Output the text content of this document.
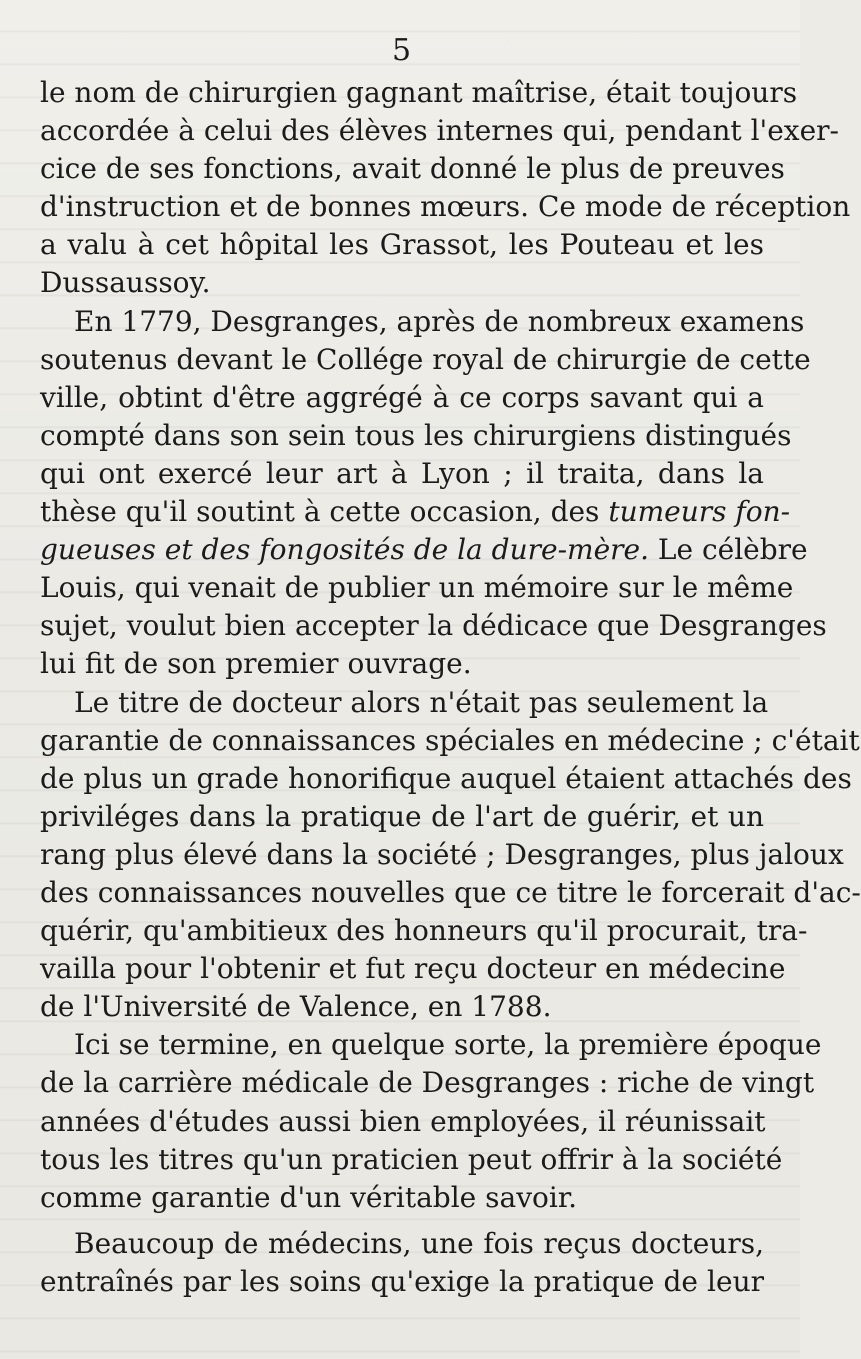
5
le nom de chirurgien gagnant maîtrise, était toujours
accordée à celui des élèves internes qui, pendant l'exer-
cice de ses fonctions, avait donné le plus de preuves
d'instruction et de bonnes mœurs. Ce mode de réception
a valu à cet hôpital les Grassot, les Pouteau et les
Dussaussoy.
En 1779, Desgranges, après de nombreux examens
soutenus devant le Collége royal de chirurgie de cette
ville, obtint d'être aggrégé à ce corps savant qui a
compté dans son sein tous les chirurgiens distingués
qui ont exercé leur art à Lyon ; il traita, dans la
thèse qu'il soutint à cette occasion, des tumeurs fon-
gueuses et des fongosités de la dure-mère. Le célèbre
Louis, qui venait de publier un mémoire sur le même
sujet, voulut bien accepter la dédicace que Desgranges
lui fit de son premier ouvrage.
Le titre de docteur alors n'était pas seulement la
garantie de connaissances spéciales en médecine ; c'était
de plus un grade honorifique auquel étaient attachés des
priviléges dans la pratique de l'art de guérir, et un
rang plus élevé dans la société ; Desgranges, plus jaloux
des connaissances nouvelles que ce titre le forcerait d'ac-
quérir, qu'ambitieux des honneurs qu'il procurait, tra-
vailla pour l'obtenir et fut reçu docteur en médecine
de l'Université de Valence, en 1788.
Ici se termine, en quelque sorte, la première époque
de la carrière médicale de Desgranges : riche de vingt
années d'études aussi bien employées, il réunissait
tous les titres qu'un praticien peut offrir à la société
comme garantie d'un véritable savoir.
Beaucoup de médecins, une fois reçus docteurs,
entraînés par les soins qu'exige la pratique de leur
